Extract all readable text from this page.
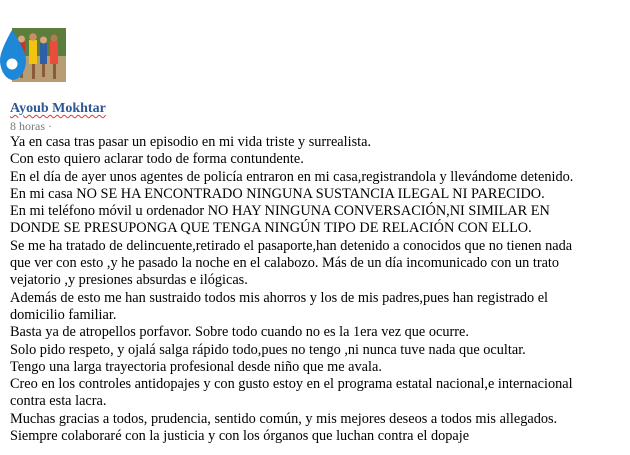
Ayoub Mokhtar
8 horas ·
Ya en casa tras pasar un episodio en mi vida triste y surrealista.
Con esto quiero aclarar todo de forma contundente.
En el día de ayer unos agentes de policía entraron en mi casa,registrandola y llevándome detenido.
En mi casa NO SE HA ENCONTRADO NINGUNA SUSTANCIA ILEGAL NI PARECIDO.
En mi teléfono móvil u ordenador NO HAY NINGUNA CONVERSACIÓN,NI SIMILAR EN
DONDE SE PRESUPONGA QUE TENGA NINGÚN TIPO DE RELACIÓN CON ELLO.
Se me ha tratado de delincuente,retirado el pasaporte,han detenido a conocidos que no tienen nada
que ver con esto ,y he pasado la noche en el calabozo. Más de un día incomunicado con un trato
vejatorio ,y presiones absurdas e ilógicas.
Además de esto me han sustraido todos mis ahorros y los de mis padres,pues han registrado el
domicilio familiar.
Basta ya de atropellos porfavor. Sobre todo cuando no es la 1era vez que ocurre.
Solo pido respeto, y ojalá salga rápido todo,pues no tengo ,ni nunca tuve nada que ocultar.
Tengo una larga trayectoria profesional desde niño que me avala.
Creo en los controles antidopajes y con gusto estoy en el programa estatal nacional,e internacional
contra esta lacra.
Muchas gracias a todos, prudencia, sentido común, y mis mejores deseos a todos mis allegados.
Siempre colaboraré con la justicia y con los órganos que luchan contra el dopaje
